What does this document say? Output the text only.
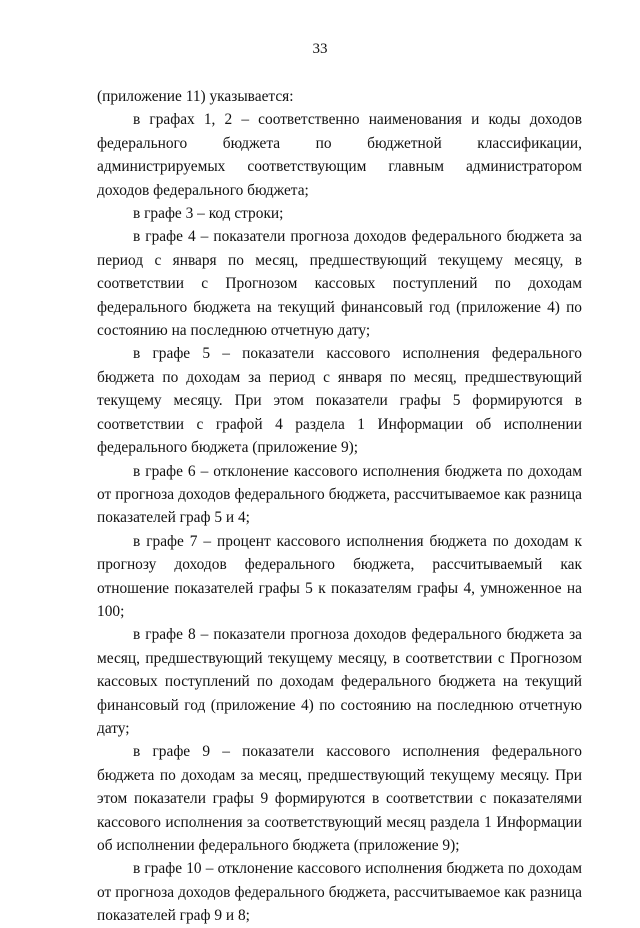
33

(приложение 11) указывается:

в графах 1, 2 – соответственно наименования и коды доходов федерального бюджета по бюджетной классификации, администрируемых соответствующим главным администратором доходов федерального бюджета;

в графе 3 – код строки;

в графе 4 – показатели прогноза доходов федерального бюджета за период с января по месяц, предшествующий текущему месяцу, в соответствии с Прогнозом кассовых поступлений по доходам федерального бюджета на текущий финансовый год (приложение 4) по состоянию на последнюю отчетную дату;

в графе 5 – показатели кассового исполнения федерального бюджета по доходам за период с января по месяц, предшествующий текущему месяцу. При этом показатели графы 5 формируются в соответствии с графой 4 раздела 1 Информации об исполнении федерального бюджета (приложение 9);

в графе 6 – отклонение кассового исполнения бюджета по доходам от прогноза доходов федерального бюджета, рассчитываемое как разница показателей граф 5 и 4;

в графе 7 – процент кассового исполнения бюджета по доходам к прогнозу доходов федерального бюджета, рассчитываемый как отношение показателей графы 5 к показателям графы 4, умноженное на 100;

в графе 8 – показатели прогноза доходов федерального бюджета за месяц, предшествующий текущему месяцу, в соответствии с Прогнозом кассовых поступлений по доходам федерального бюджета на текущий финансовый год (приложение 4) по состоянию на последнюю отчетную дату;

в графе 9 – показатели кассового исполнения федерального бюджета по доходам за месяц, предшествующий текущему месяцу. При этом показатели графы 9 формируются в соответствии с показателями кассового исполнения за соответствующий месяц раздела 1 Информации об исполнении федерального бюджета (приложение 9);

в графе 10 – отклонение кассового исполнения бюджета по доходам от прогноза доходов федерального бюджета, рассчитываемое как разница показателей граф 9 и 8;
